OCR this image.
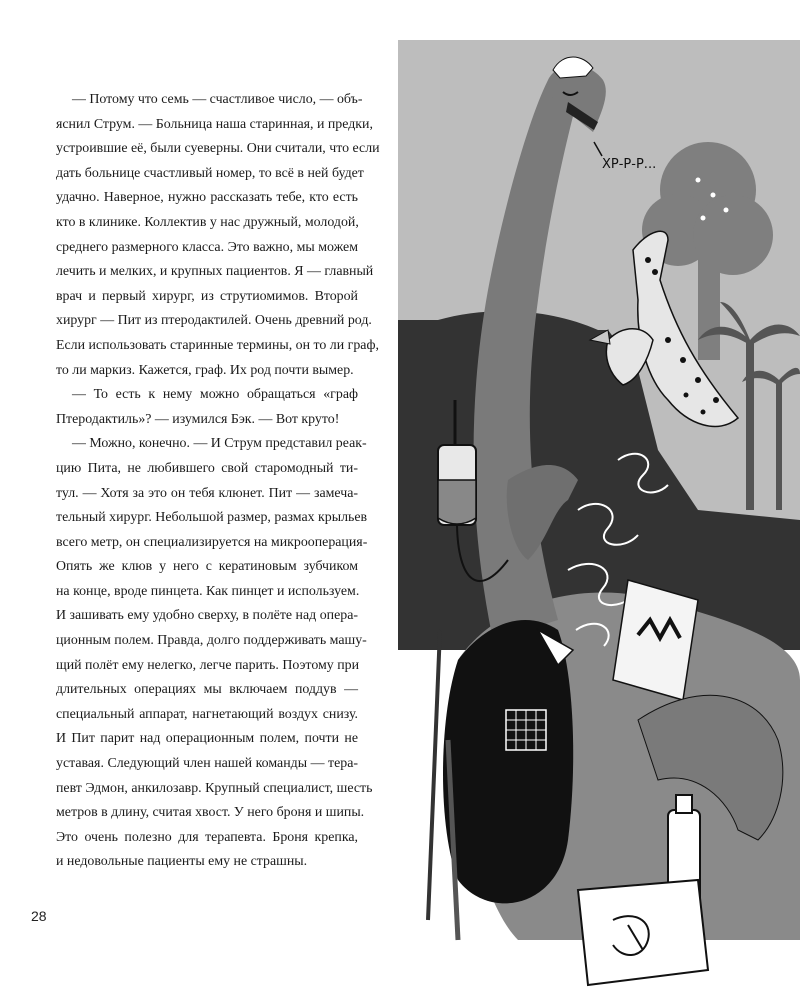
— Потому что семь — счастливое число, — объ-
яснил Струм. — Больница наша старинная, и предки,
устроившие её, были суеверны. Они считали, что если
дать больнице счастливый номер, то всё в ней будет
удачно. Наверное, нужно рассказать тебе, кто есть
кто в клинике. Коллектив у нас дружный, молодой,
среднего размерного класса. Это важно, мы можем
лечить и мелких, и крупных пациентов. Я — главный
врач и первый хирург, из струтиомимов. Второй
хирург — Пит из птеродактилей. Очень древний род.
Если использовать старинные термины, он то ли граф,
то ли маркиз. Кажется, граф. Их род почти вымер.
— То есть к нему можно обращаться «граф
Птеродактиль»? — изумился Бэк. — Вот круто!
— Можно, конечно. — И Струм представил реак-
цию Пита, не любившего свой старомодный ти-
тул. — Хотя за это он тебя клюнет. Пит — замеча-
тельный хирург. Небольшой размер, размах крыльев
всего метр, он специализируется на микрооперация-
Опять же клюв у него с кератиновым зубчиком
на конце, вроде пинцета. Как пинцет и используем.
И зашивать ему удобно сверху, в полёте над опера-
ционным полем. Правда, долго поддерживать машу-
щий полёт ему нелегко, легче парить. Поэтому при
длительных операциях мы включаем поддув —
специальный аппарат, нагнетающий воздух снизу.
И Пит парит над операционным полем, почти не
уставая. Следующий член нашей команды — тера-
певт Эдмон, анкилозавр. Крупный специалист, шесть
метров в длину, считая хвост. У него броня и шипы.
Это очень полезно для терапевта. Броня крепка,
и недовольные пациенты ему не страшны.
28
ХР-Р-Р...
